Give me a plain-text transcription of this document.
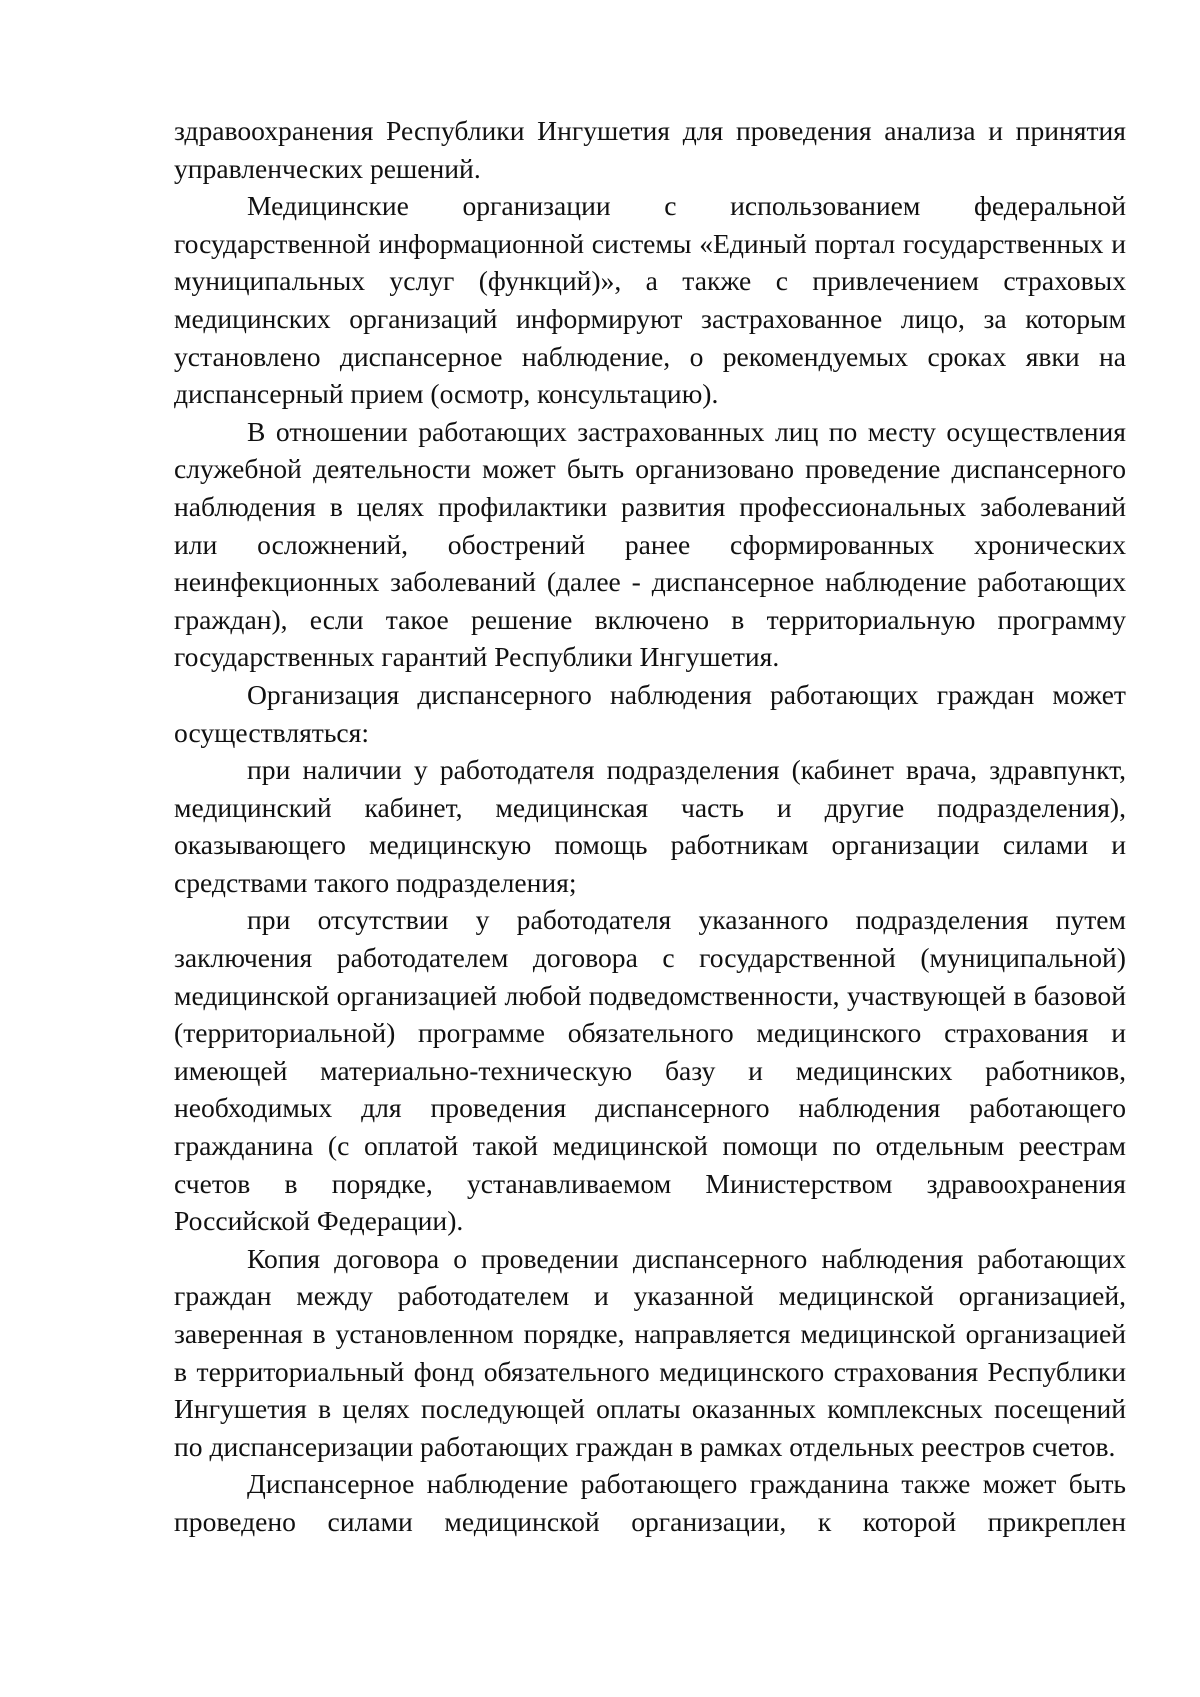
здравоохранения Республики Ингушетия для проведения анализа и принятия управленческих решений.

Медицинские организации с использованием федеральной государственной информационной системы «Единый портал государственных и муниципальных услуг (функций)», а также с привлечением страховых медицинских организаций информируют застрахованное лицо, за которым установлено диспансерное наблюдение, о рекомендуемых сроках явки на диспансерный прием (осмотр, консультацию).

В отношении работающих застрахованных лиц по месту осуществления служебной деятельности может быть организовано проведение диспансерного наблюдения в целях профилактики развития профессиональных заболеваний или осложнений, обострений ранее сформированных хронических неинфекционных заболеваний (далее - диспансерное наблюдение работающих граждан), если такое решение включено в территориальную программу государственных гарантий Республики Ингушетия.

Организация диспансерного наблюдения работающих граждан может осуществляться:

при наличии у работодателя подразделения (кабинет врача, здравпункт, медицинский кабинет, медицинская часть и другие подразделения), оказывающего медицинскую помощь работникам организации силами и средствами такого подразделения;

при отсутствии у работодателя указанного подразделения путем заключения работодателем договора с государственной (муниципальной) медицинской организацией любой подведомственности, участвующей в базовой (территориальной) программе обязательного медицинского страхования и имеющей материально-техническую базу и медицинских работников, необходимых для проведения диспансерного наблюдения работающего гражданина (с оплатой такой медицинской помощи по отдельным реестрам счетов в порядке, устанавливаемом Министерством здравоохранения Российской Федерации).

Копия договора о проведении диспансерного наблюдения работающих граждан между работодателем и указанной медицинской организацией, заверенная в установленном порядке, направляется медицинской организацией в территориальный фонд обязательного медицинского страхования Республики Ингушетия в целях последующей оплаты оказанных комплексных посещений по диспансеризации работающих граждан в рамках отдельных реестров счетов.

Диспансерное наблюдение работающего гражданина также может быть проведено силами медицинской организации, к которой прикреплен
